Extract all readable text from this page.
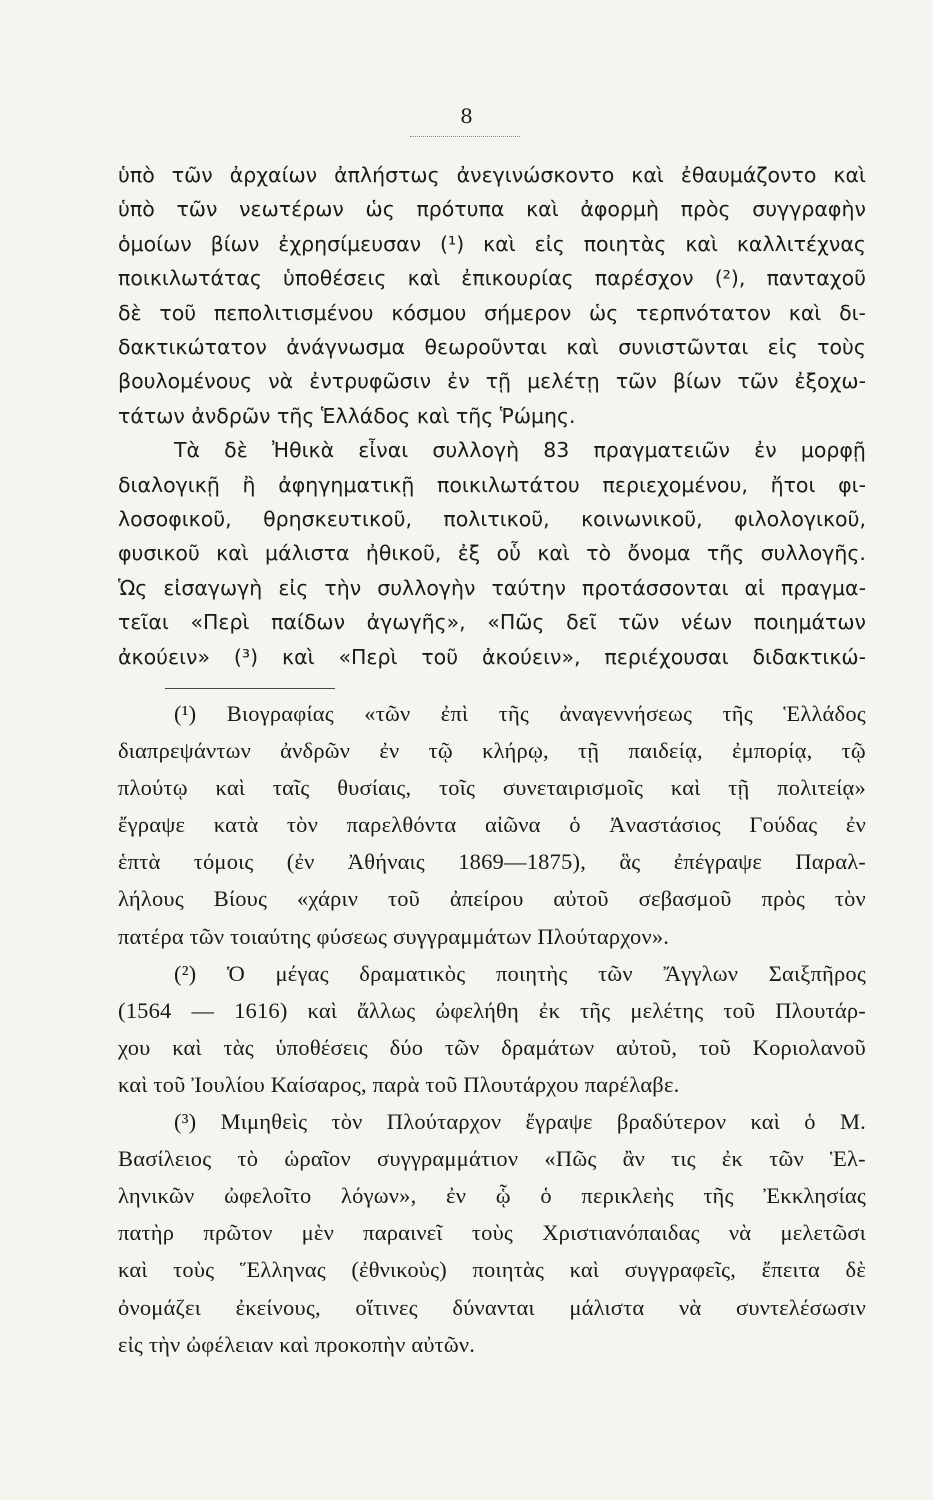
8
ὑπὸ τῶν ἀρχαίων ἀπλήστως ἀνεγινώσκοντο καὶ ἐθαυμάζοντο καὶ
ὑπὸ τῶν νεωτέρων ὡς πρότυπα καὶ ἀφορμὴ πρὸς συγγραφὴν
ὁμοίων βίων ἐχρησίμευσαν (¹) καὶ εἰς ποιητὰς καὶ καλλιτέχνας
ποικιλωτάτας ὑποθέσεις καὶ ἐπικουρίας παρέσχον (²), πανταχοῦ
δὲ τοῦ πεπολιτισμένου κόσμου σήμερον ὡς τερπνότατον καὶ δι-
δακτικώτατον ἀνάγνωσμα θεωροῦνται καὶ συνιστῶνται εἰς τοὺς
βουλομένους νὰ ἐντρυφῶσιν ἐν τῇ μελέτῃ τῶν βίων τῶν ἐξοχω-
τάτων ἀνδρῶν τῆς Ἑλλάδος καὶ τῆς Ῥώμης.
Τὰ δὲ Ἠθικὰ εἶναι συλλογὴ 83 πραγματειῶν ἐν μορφῇ
διαλογικῇ ἢ ἀφηγηματικῇ ποικιλωτάτου περιεχομένου, ἤτοι φι-
λοσοφικοῦ, θρησκευτικοῦ, πολιτικοῦ, κοινωνικοῦ, φιλολογικοῦ,
φυσικοῦ καὶ μάλιστα ἠθικοῦ, ἐξ οὗ καὶ τὸ ὄνομα τῆς συλλογῆς.
Ὡς εἰσαγωγὴ εἰς τὴν συλλογὴν ταύτην προτάσσονται αἱ πραγμα-
τεῖαι «Περὶ παίδων ἀγωγῆς», «Πῶς δεῖ τῶν νέων ποιημάτων
ἀκούειν» (³) καὶ «Περὶ τοῦ ἀκούειν», περιέχουσαι διδακτικώ-
(¹) Βιογραφίας «τῶν ἐπὶ τῆς ἀναγεννήσεως τῆς Ἑλλάδος
διαπρεψάντων ἀνδρῶν ἐν τῷ κλήρῳ, τῇ παιδείᾳ, ἐμπορίᾳ, τῷ
πλούτῳ καὶ ταῖς θυσίαις, τοῖς συνεταιρισμοῖς καὶ τῇ πολιτείᾳ»
ἔγραψε κατὰ τὸν παρελθόντα αἰῶνα ὁ Ἀναστάσιος Γούδας ἐν
ἑπτὰ τόμοις (ἐν Ἀθήναις 1869—1875), ἃς ἐπέγραψε Παραλ-
λήλους Βίους «χάριν τοῦ ἀπείρου αὐτοῦ σεβασμοῦ πρὸς τὸν
πατέρα τῶν τοιαύτης φύσεως συγγραμμάτων Πλούταρχον».
(²) Ὁ μέγας δραματικὸς ποιητὴς τῶν Ἄγγλων Σαιξπῆρος
(1564 — 1616) καὶ ἄλλως ὠφελήθη ἐκ τῆς μελέτης τοῦ Πλουτάρ-
χου καὶ τὰς ὑποθέσεις δύο τῶν δραμάτων αὐτοῦ, τοῦ Κοριολανοῦ
καὶ τοῦ Ἰουλίου Καίσαρος, παρὰ τοῦ Πλουτάρχου παρέλαβε.
(³) Μιμηθεὶς τὸν Πλούταρχον ἔγραψε βραδύτερον καὶ ὁ Μ.
Βασίλειος τὸ ὡραῖον συγγραμμάτιον «Πῶς ἂν τις ἐκ τῶν Ἑλ-
ληνικῶν ὠφελοῖτο λόγων», ἐν ᾧ ὁ περικλεὴς τῆς Ἐκκλησίας
πατὴρ πρῶτον μὲν παραινεῖ τοὺς Χριστιανόπαιδας νὰ μελετῶσι
καὶ τοὺς Ἕλληνας (ἐθνικοὺς) ποιητὰς καὶ συγγραφεῖς, ἔπειτα δὲ
ὀνομάζει ἐκείνους, οἵτινες δύνανται μάλιστα νὰ συντελέσωσιν
εἰς τὴν ὠφέλειαν καὶ προκοπὴν αὐτῶν.
